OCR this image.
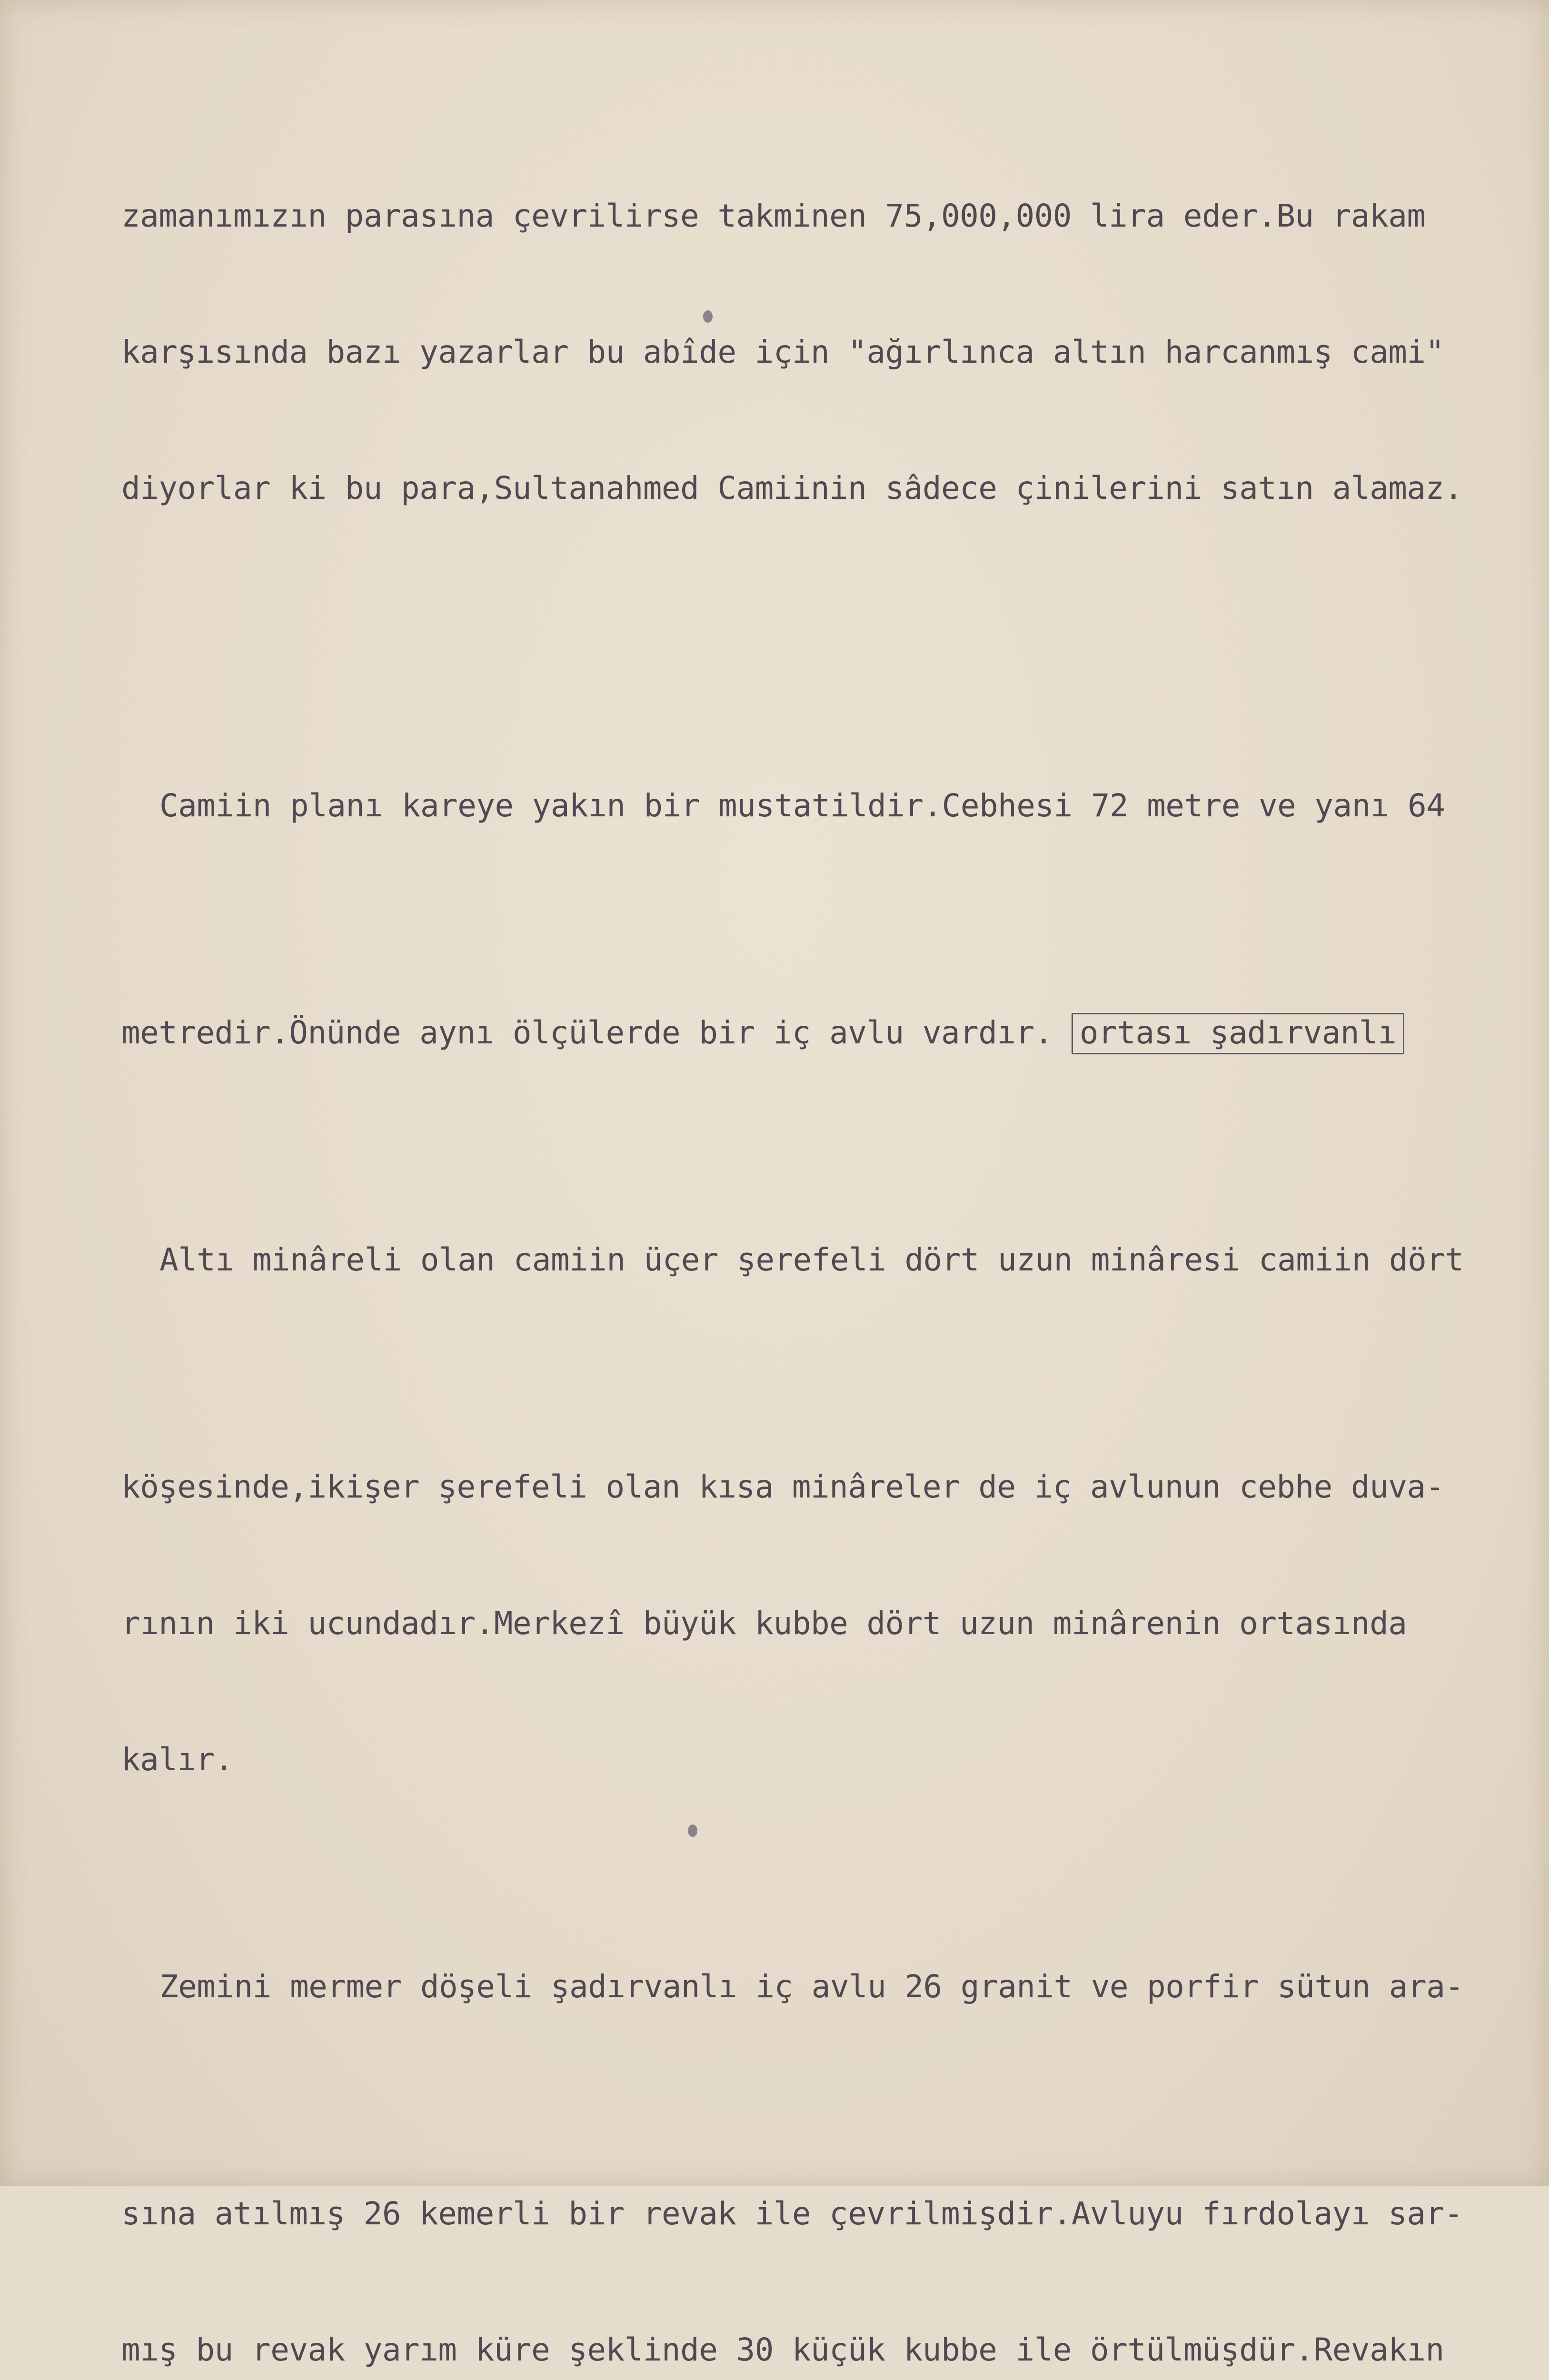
zamanımızın parasına çevrilirse takminen 75,000,000 lira eder.Bu rakam

karşısında bazı yazarlar bu abîde için "ağırlınca altın harcanmış cami"

diyorlar ki bu para,Sultanahmed Camiinin sâdece çinilerini satın alamaz.

Camiin planı kareye yakın bir mustatildir.Cebhesi 72 metre ve yanı 64

metredir.Önünde aynı ölçülerde bir iç avlu vardır. ortası şadırvanlı

Altı minâreli olan camiin üçer şerefeli dört uzun minâresi camiin dört

köşesinde,ikişer şerefeli olan kısa minâreler de iç avlunun cebhe duva-

rının iki ucundadır.Merkezî büyük kubbe dört uzun minârenin ortasında

kalır.

Zemini mermer döşeli şadırvanlı iç avlu 26 granit ve porfir sütun ara-

sına atılmış 26 kemerli bir revak ile çevrilmişdir.Avluyu fırdolayı sar-

mış bu revak yarım küre şeklinde 30 küçük kubbe ile örtülmüşdür.Revakın
